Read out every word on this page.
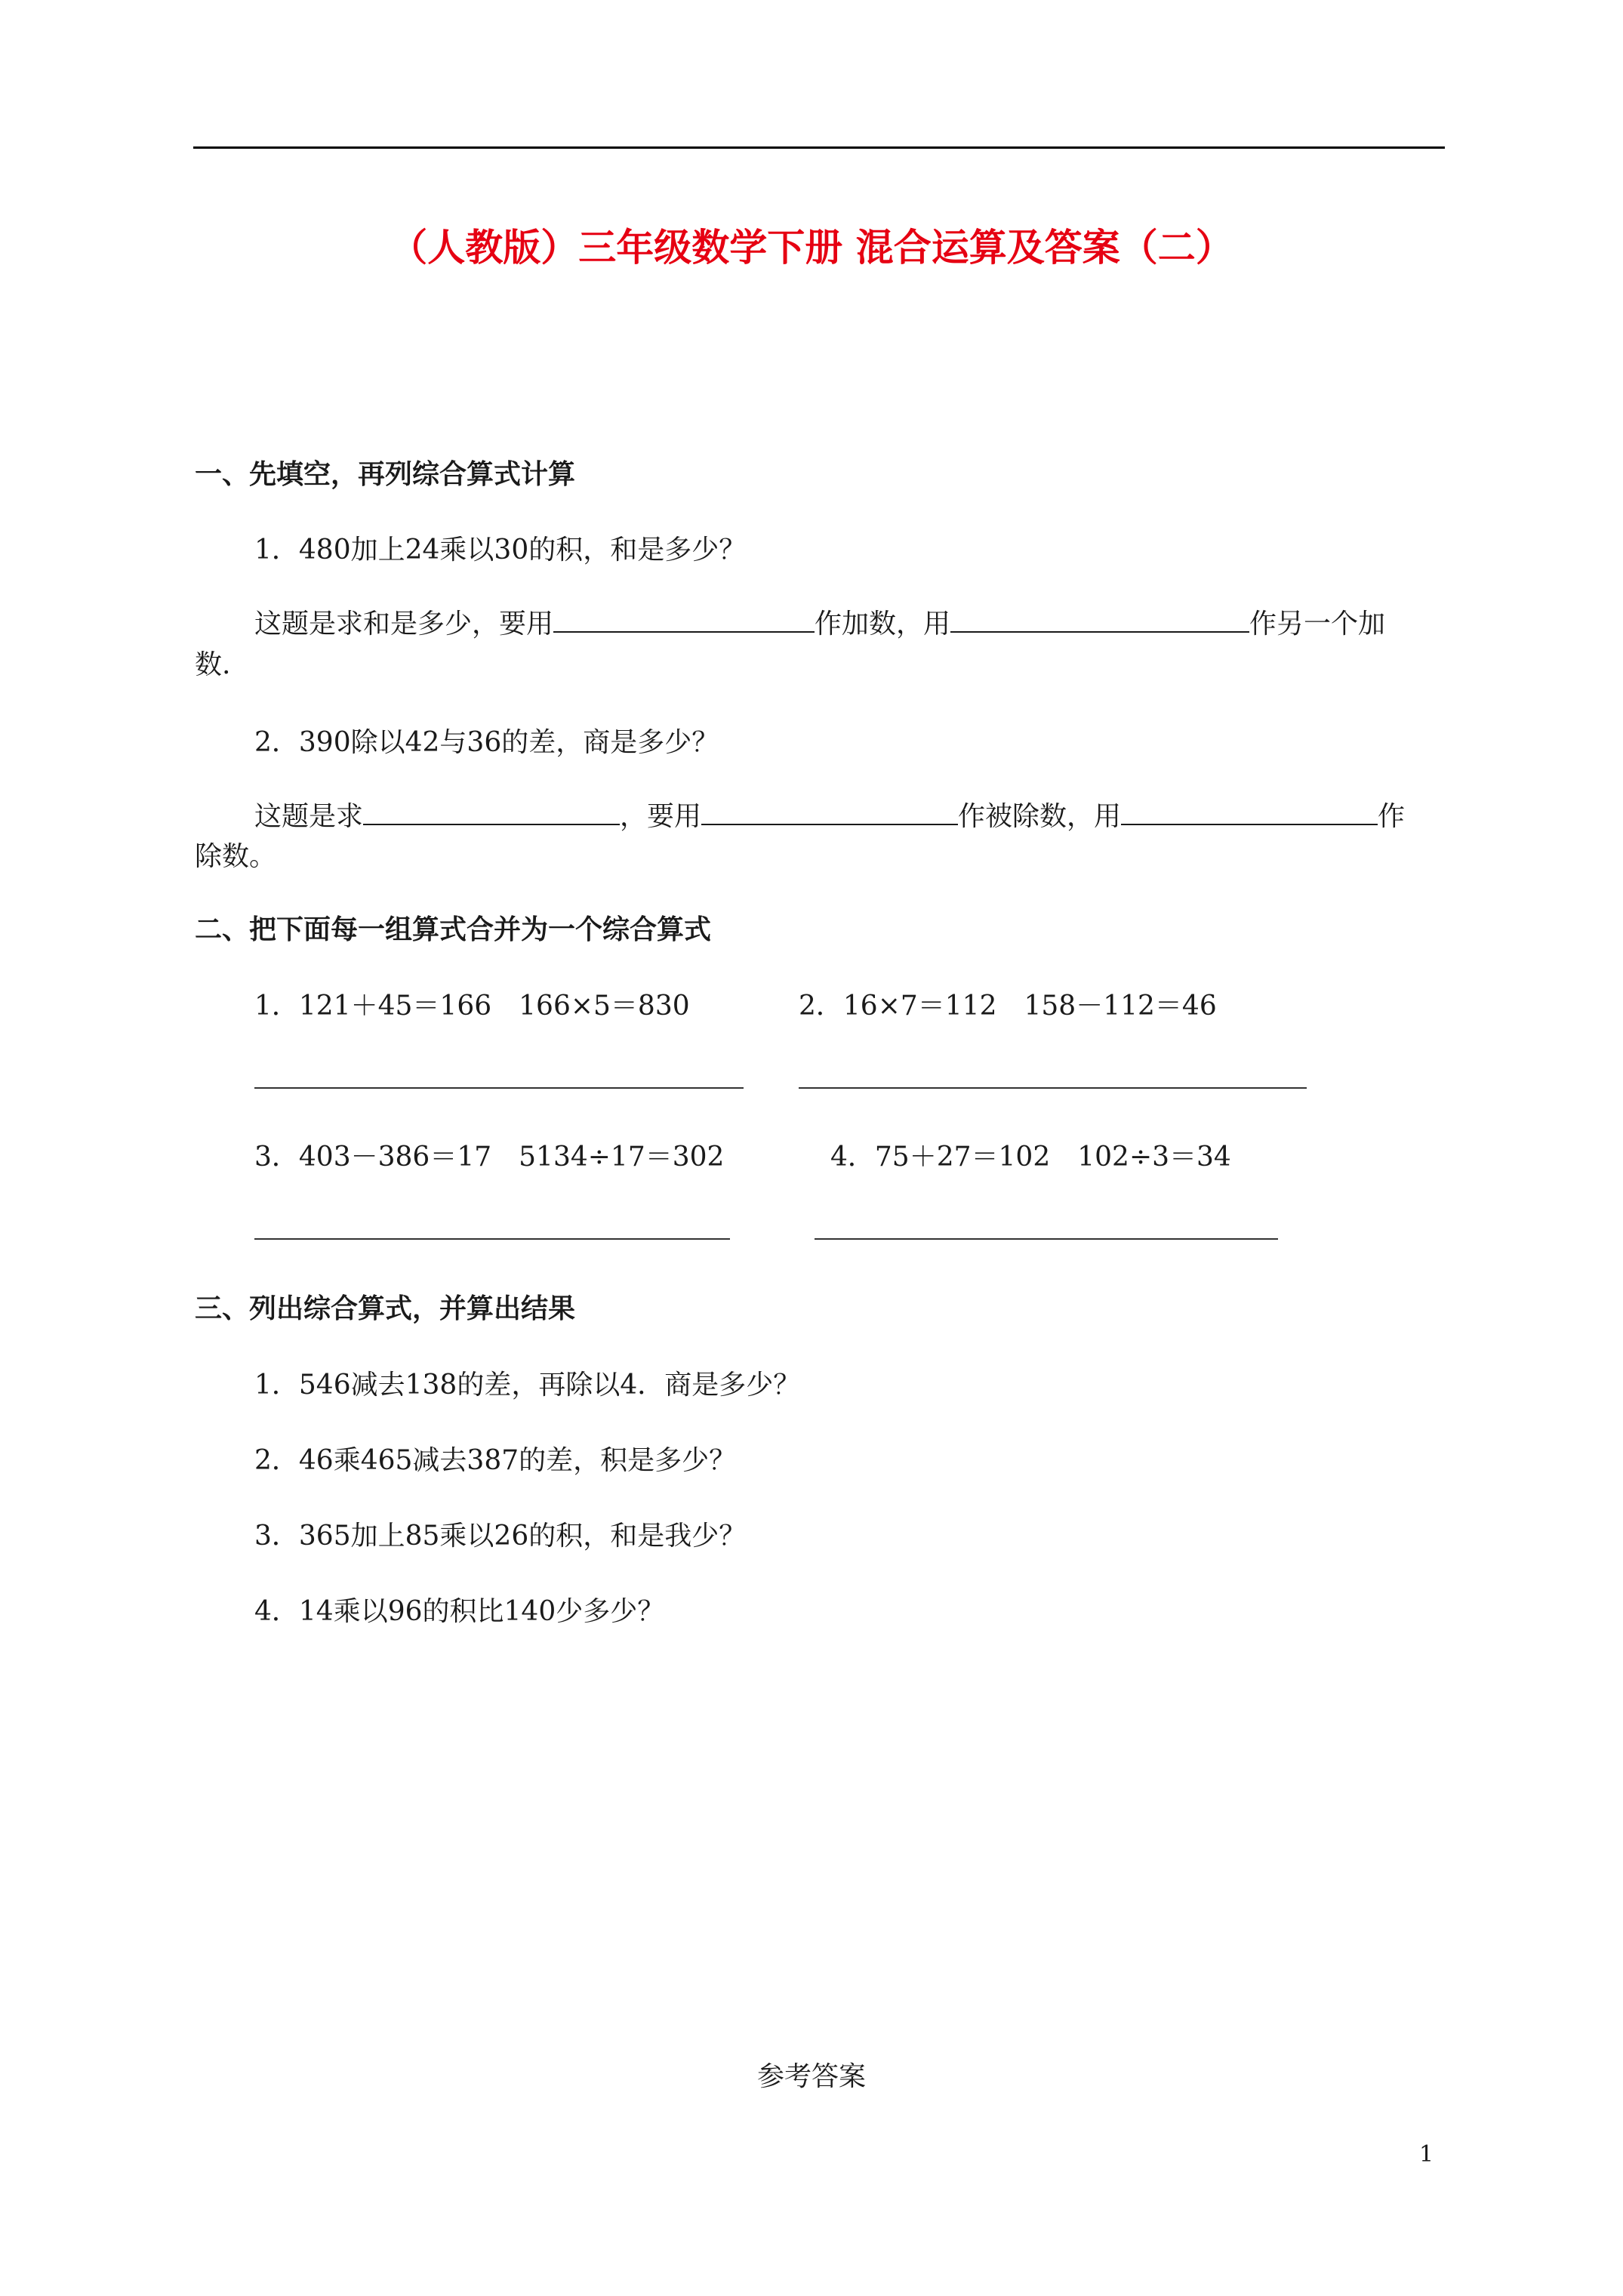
（人教版）三年级数学下册 混合运算及答案（二）
一、先填空，再列综合算式计算
1．480加上24乘以30的积，和是多少？
这题是求和是多少，要用	作加数，用	作另一个加
数.
2．390除以42与36的差，商是多少？
这题是求	，要用	作被除数，用	作
除数。
二、把下面每一组算式合并为一个综合算式
1．121＋45＝166　166×5＝830	2．16×7＝112　158－112＝46
3．403－386＝17　5134÷17＝302	4．75＋27＝102　102÷3＝34
三、列出综合算式，并算出结果
1．546减去138的差，再除以4．商是多少？
2．46乘465减去387的差，积是多少？
3．365加上85乘以26的积，和是我少？
4．14乘以96的积比140少多少？
参考答案
1
